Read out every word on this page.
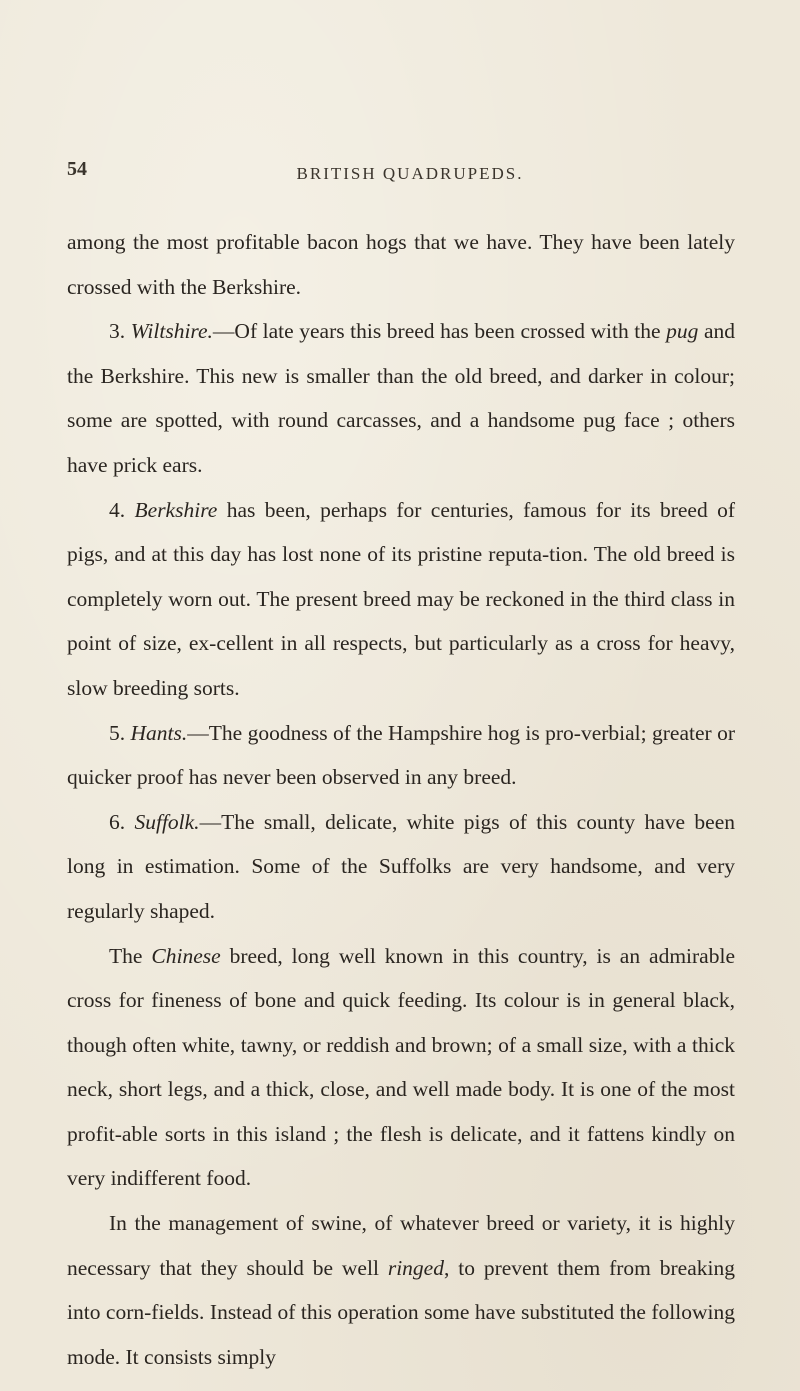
54	BRITISH QUADRUPEDS.

among the most profitable bacon hogs that we have. They have been lately crossed with the Berkshire.

3. Wiltshire.—Of late years this breed has been crossed with the pug and the Berkshire. This new is smaller than the old breed, and darker in colour; some are spotted, with round carcasses, and a handsome pug face ; others have prick ears.

4. Berkshire has been, perhaps for centuries, famous for its breed of pigs, and at this day has lost none of its pristine reputa-tion. The old breed is completely worn out. The present breed may be reckoned in the third class in point of size, ex-cellent in all respects, but particularly as a cross for heavy, slow breeding sorts.

5. Hants.—The goodness of the Hampshire hog is pro-verbial; greater or quicker proof has never been observed in any breed.

6. Suffolk.—The small, delicate, white pigs of this county have been long in estimation. Some of the Suffolks are very handsome, and very regularly shaped.

The Chinese breed, long well known in this country, is an admirable cross for fineness of bone and quick feeding. Its colour is in general black, though often white, tawny, or reddish and brown; of a small size, with a thick neck, short legs, and a thick, close, and well made body. It is one of the most profit-able sorts in this island ; the flesh is delicate, and it fattens kindly on very indifferent food.

In the management of swine, of whatever breed or variety, it is highly necessary that they should be well ringed, to prevent them from breaking into corn-fields. Instead of this operation some have substituted the following mode. It consists simply
